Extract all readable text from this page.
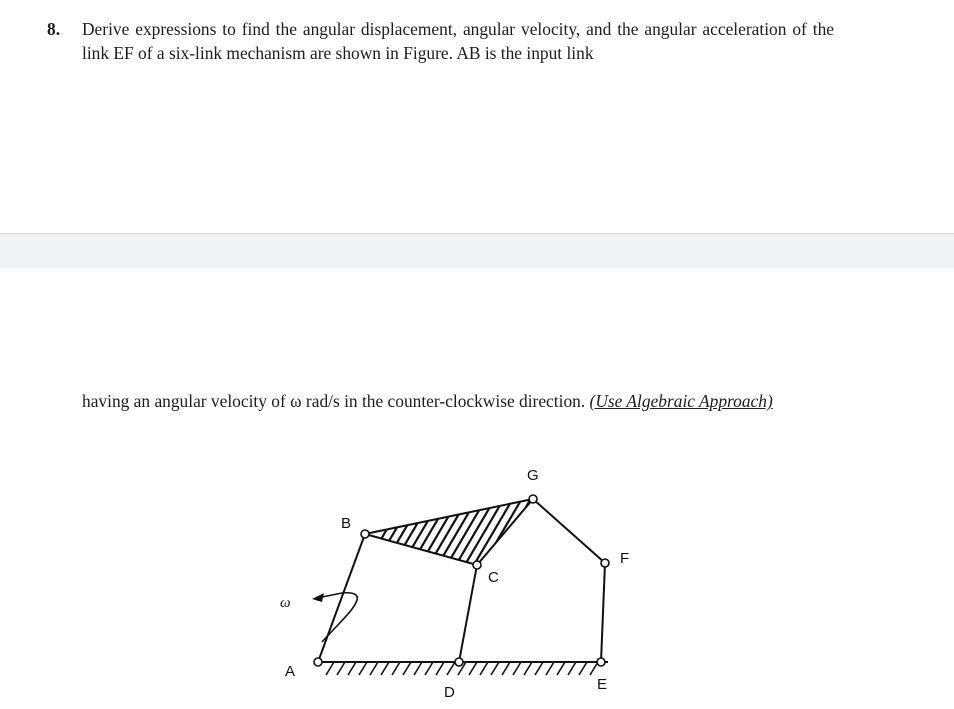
8. Derive expressions to find the angular displacement, angular velocity, and the angular acceleration of the link EF of a six-link mechanism are shown in Figure. AB is the input link
having an angular velocity of ω rad/s in the counter-clockwise direction. (Use Algebraic Approach)
A
B
C
D	E
F
G
ω
